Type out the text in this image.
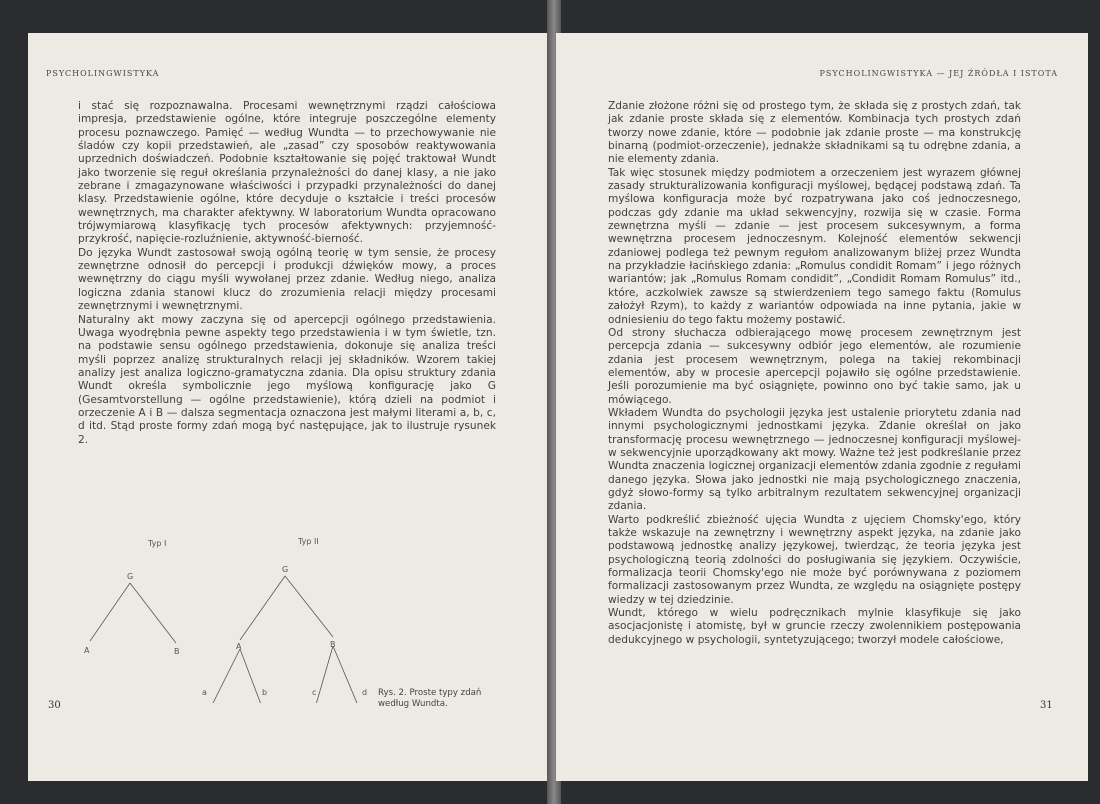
PSYCHOLINGWISTYKA

i stać się rozpoznawalna. Procesami wewnętrznymi rządzi całościowa impresja, przedstawienie ogólne, które integruje poszczególne elementy procesu poznawczego. Pamięć — według Wundta — to przechowywanie nie śladów czy kopii przedstawień, ale „zasad” czy sposobów reaktywowania uprzednich doświadczeń. Podobnie kształtowanie się pojęć traktował Wundt jako tworzenie się reguł określania przynależności do danej klasy, a nie jako zebrane i zmagazynowane właściwości i przypadki przynależności do danej klasy. Przedstawienie ogólne, które decyduje o kształcie i treści procesów wewnętrznych, ma charakter afektywny. W laboratorium Wundta opracowano trójwymiarową klasyfikację tych procesów afektywnych: przyjemność-przykrość, napięcie-rozluźnienie, aktywność-bierność.

Do języka Wundt zastosował swoją ogólną teorię w tym sensie, że procesy zewnętrzne odnosił do percepcji i produkcji dźwięków mowy, a proces wewnętrzny do ciągu myśli wywołanej przez zdanie. Według niego, analiza logiczna zdania stanowi klucz do zrozumienia relacji między procesami zewnętrznymi i wewnętrznymi.

Naturalny akt mowy zaczyna się od apercepcji ogólnego przedstawienia. Uwaga wyodrębnia pewne aspekty tego przedstawienia i w tym świetle, tzn. na podstawie sensu ogólnego przedstawienia, dokonuje się analiza treści myśli poprzez analizę strukturalnych relacji jej składników. Wzorem takiej analizy jest analiza logiczno-gramatyczna zdania. Dla opisu struktury zdania Wundt określa symbolicznie jego myślową konfigurację jako G (Gesamtvorstellung — ogólne przedstawienie), którą dzieli na podmiot i orzeczenie A i B — dalsza segmentacja oznaczona jest małymi literami a, b, c, d itd. Stąd proste formy zdań mogą być następujące, jak to ilustruje rysunek 2.

Typ I	Typ II
G
A	B
G
A	B
a	b	c	d Rys. 2. Proste typy zdań
według Wundta.
30
PSYCHOLINGWISTYKA — JEJ ŹRÓDŁA I ISTOTA

Zdanie złożone różni się od prostego tym, że składa się z prostych zdań, tak jak zdanie proste składa się z elementów. Kombinacja tych prostych zdań tworzy nowe zdanie, które — podobnie jak zdanie proste — ma konstrukcję binarną (podmiot-orzeczenie), jednakże składnikami są tu odrębne zdania, a nie elementy zdania.

Tak więc stosunek między podmiotem a orzeczeniem jest wyrazem głównej zasady strukturalizowania konfiguracji myślowej, będącej podstawą zdań. Ta myślowa konfiguracja może być rozpatrywana jako coś jednoczesnego, podczas gdy zdanie ma układ sekwencyjny, rozwija się w czasie. Forma zewnętrzna myśli — zdanie — jest procesem sukcesywnym, a forma wewnętrzna procesem jednoczesnym. Kolejność elementów sekwencji zdaniowej podlega też pewnym regułom analizowanym bliżej przez Wundta na przykładzie łacińskiego zdania: „Romulus condidit Romam” i jego różnych wariantów; jak „Romulus Romam condidit”, „Condidit Romam Romulus” itd., które, aczkolwiek zawsze są stwierdzeniem tego samego faktu (Romulus założył Rzym), to każdy z wariantów odpowiada na inne pytania, jakie w odniesieniu do tego faktu możemy postawić.

Od strony słuchacza odbierającego mowę procesem zewnętrznym jest percepcja zdania — sukcesywny odbiór jego elementów, ale rozumienie zdania jest procesem wewnętrznym, polega na takiej rekombinacji elementów, aby w procesie apercepcji pojawiło się ogólne przedstawienie. Jeśli porozumienie ma być osiągnięte, powinno ono być takie samo, jak u mówiącego.

Wkładem Wundta do psychologii języka jest ustalenie priorytetu zdania nad innymi psychologicznymi jednostkami języka. Zdanie określał on jako transformację procesu wewnętrznego — jednoczesnej konfiguracji myślowej-w sekwencyjnie uporządkowany akt mowy. Ważne też jest podkreślanie przez Wundta znaczenia logicznej organizacji elementów zdania zgodnie z regułami danego języka. Słowa jako jednostki nie mają psychologicznego znaczenia, gdyż słowo-formy są tylko arbitralnym rezultatem sekwencyjnej organizacji zdania.

Warto podkreślić zbieżność ujęcia Wundta z ujęciem Chomsky'ego, który także wskazuje na zewnętrzny i wewnętrzny aspekt języka, na zdanie jako podstawową jednostkę analizy językowej, twierdząc, że teoria języka jest psychologiczną teorią zdolności do posługiwania się językiem. Oczywiście, formalizacja teorii Chomsky'ego nie może być porównywana z poziomem formalizacji zastosowanym przez Wundta, ze względu na osiągnięte postępy wiedzy w tej dziedzinie.

Wundt, którego w wielu podręcznikach mylnie klasyfikuje się jako asocjacjonistę i atomistę, był w gruncie rzeczy zwolennikiem postępowania dedukcyjnego w psychologii, syntetyzującego; tworzył modele całościowe,

31
